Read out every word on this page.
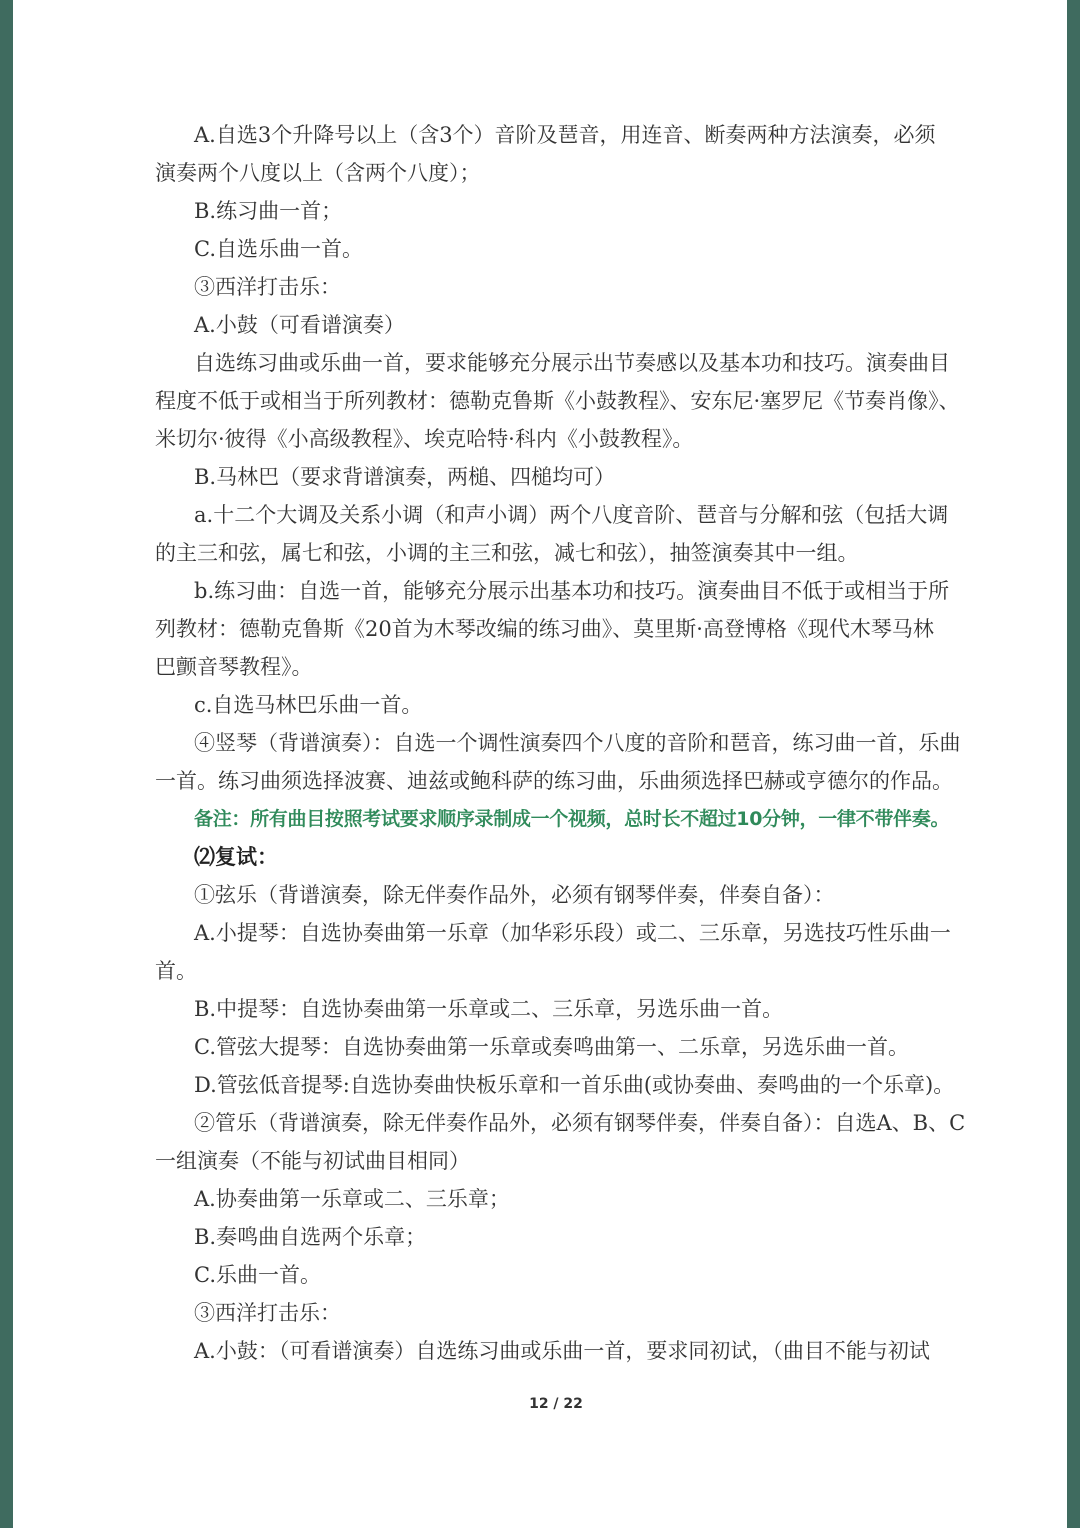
A.自选3个升降号以上（含3个）音阶及琶音，用连音、断奏两种方法演奏，必须
演奏两个八度以上（含两个八度）；
B.练习曲一首；
C.自选乐曲一首。
③西洋打击乐：
A.小鼓（可看谱演奏）
自选练习曲或乐曲一首，要求能够充分展示出节奏感以及基本功和技巧。演奏曲目
程度不低于或相当于所列教材：德勒克鲁斯《小鼓教程》、安东尼·塞罗尼《节奏肖像》、
米切尔·彼得《小高级教程》、埃克哈特·科内《小鼓教程》。
B.马林巴（要求背谱演奏，两槌、四槌均可）
a.十二个大调及关系小调（和声小调）两个八度音阶、琶音与分解和弦（包括大调
的主三和弦，属七和弦，小调的主三和弦，减七和弦），抽签演奏其中一组。
b.练习曲：自选一首，能够充分展示出基本功和技巧。演奏曲目不低于或相当于所
列教材：德勒克鲁斯《20首为木琴改编的练习曲》、莫里斯·高登博格《现代木琴马林
巴颤音琴教程》。
c.自选马林巴乐曲一首。
④竖琴（背谱演奏）：自选一个调性演奏四个八度的音阶和琶音，练习曲一首，乐曲
一首。练习曲须选择波赛、迪兹或鲍科萨的练习曲，乐曲须选择巴赫或亨德尔的作品。
备注：所有曲目按照考试要求顺序录制成一个视频，总时长不超过10分钟，一律不带伴奏。
⑵复试：
①弦乐（背谱演奏，除无伴奏作品外，必须有钢琴伴奏，伴奏自备）：
A.小提琴：自选协奏曲第一乐章（加华彩乐段）或二、三乐章，另选技巧性乐曲一
首。
B.中提琴：自选协奏曲第一乐章或二、三乐章，另选乐曲一首。
C.管弦大提琴：自选协奏曲第一乐章或奏鸣曲第一、二乐章，另选乐曲一首。
D.管弦低音提琴:自选协奏曲快板乐章和一首乐曲(或协奏曲、奏鸣曲的一个乐章)。
②管乐（背谱演奏，除无伴奏作品外，必须有钢琴伴奏，伴奏自备）：自选A、B、C
一组演奏（不能与初试曲目相同）
A.协奏曲第一乐章或二、三乐章；
B.奏鸣曲自选两个乐章；
C.乐曲一首。
③西洋打击乐：
A.小鼓：（可看谱演奏）自选练习曲或乐曲一首，要求同初试，（曲目不能与初试
12 / 22
